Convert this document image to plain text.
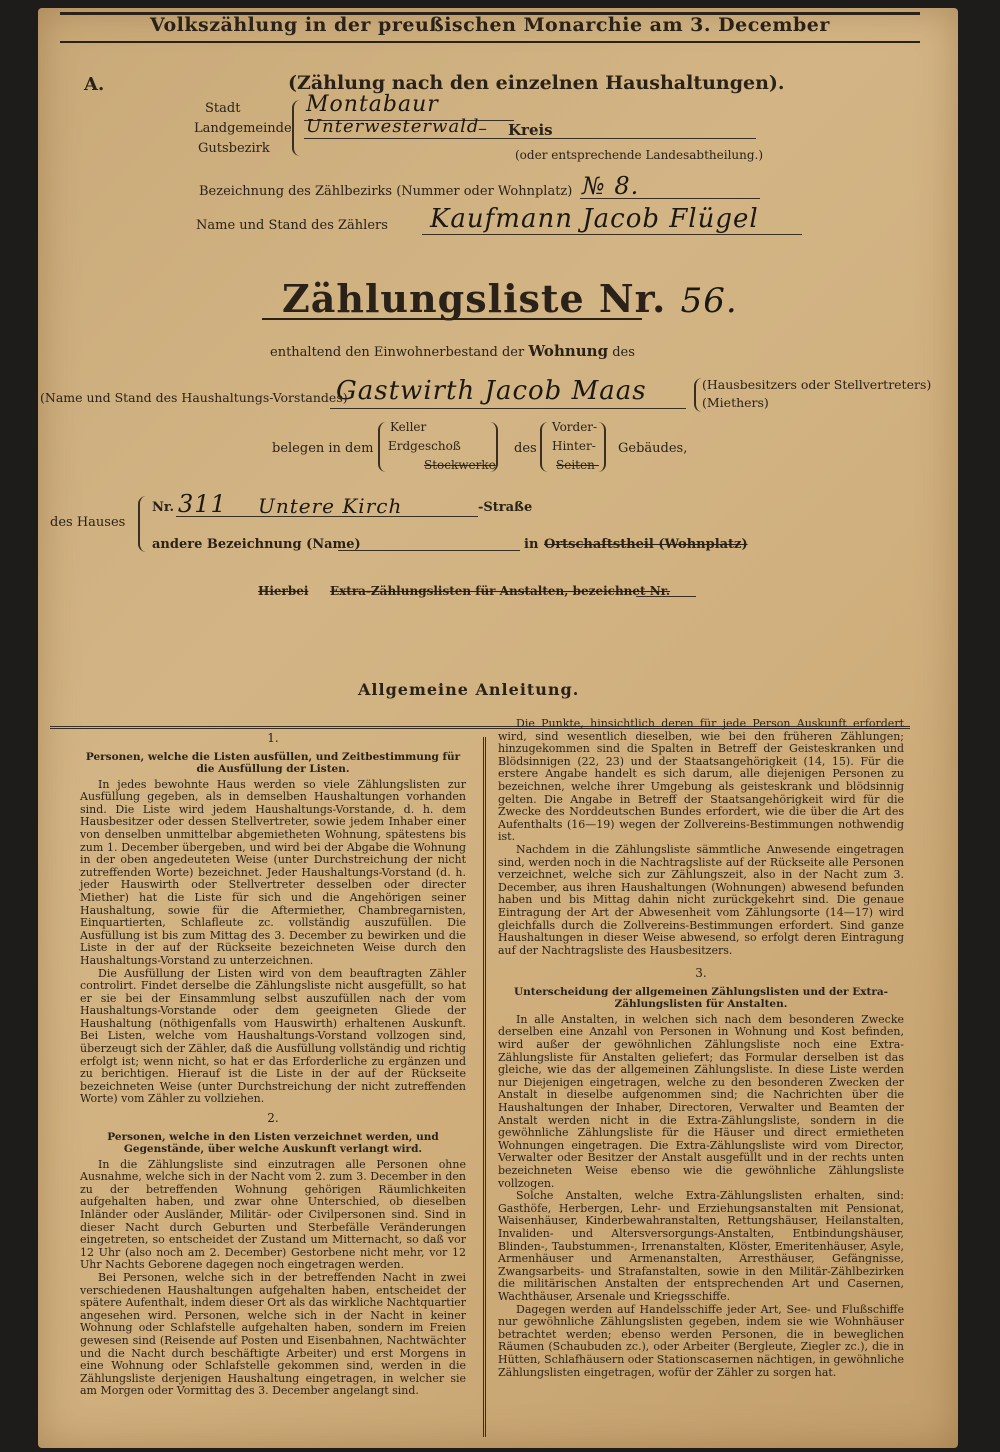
Volkszählung in der preußischen Monarchie am 3. December
A.	(Zählung nach den einzelnen Haushaltungen).
Stadt
Landgemeinde
Gutsbezirk
Montabaur
Unterwesterwald
– Kreis
(oder entsprechende Landesabtheilung.)
Bezeichnung des Zählbezirks (Nummer oder Wohnplatz) № 8.
Name und Stand des Zählers Kaufmann Jacob Flügel
Zählungsliste Nr. 56.
enthaltend den Einwohnerbestand der Wohnung des
(Name und Stand des Haushaltungs-Vorstandes)
Gastwirth Jacob Maas	(Hausbesitzers oder Stellvertreters)
(Miethers)
belegen in dem
Keller
Erdgeschoß
Stockwerke
des
Vorder-
Hinter-
Seiten-
Gebäudes,
des Hauses
Nr. 311 Untere Kirch	-Straße
andere Bezeichnung (Name)	in Ortschaftstheil (Wohnplatz)
Hierbei Extra-Zählungslisten für Anstalten, bezeichnet Nr.
Allgemeine Anleitung.
1.
Personen, welche die Listen ausfüllen, und Zeitbestimmung für die Ausfüllung der Listen.

In jedes bewohnte Haus werden so viele Zählungslisten zur Ausfüllung gegeben, als in demselben Haushaltungen vorhanden sind. Die Liste wird jedem Haushaltungs-Vorstande, d. h. dem Hausbesitzer oder dessen Stellvertreter, sowie jedem Inhaber einer von denselben unmittelbar abgemietheten Wohnung, spätestens bis zum 1. December übergeben, und wird bei der Abgabe die Wohnung in der oben angedeuteten Weise (unter Durchstreichung der nicht zutreffenden Worte) bezeichnet. Jeder Haushaltungs-Vorstand (d. h. jeder Hauswirth oder Stellvertreter desselben oder directer Miether) hat die Liste für sich und die Angehörigen seiner Haushaltung, sowie für die Aftermiether, Chambregarnisten, Einquartierten, Schlafleute zc. vollständig auszufüllen. Die Ausfüllung ist bis zum Mittag des 3. December zu bewirken und die Liste in der auf der Rückseite bezeichneten Weise durch den Haushaltungs-Vorstand zu unterzeichnen.

Die Ausfüllung der Listen wird von dem beauftragten Zähler controlirt. Findet derselbe die Zählungsliste nicht ausgefüllt, so hat er sie bei der Einsammlung selbst auszufüllen nach der vom Haushaltungs-Vorstande oder dem geeigneten Gliede der Haushaltung (nöthigenfalls vom Hauswirth) erhaltenen Auskunft. Bei Listen, welche vom Haushaltungs-Vorstand vollzogen sind, überzeugt sich der Zähler, daß die Ausfüllung vollständig und richtig erfolgt ist; wenn nicht, so hat er das Erforderliche zu ergänzen und zu berichtigen. Hierauf ist die Liste in der auf der Rückseite bezeichneten Weise (unter Durchstreichung der nicht zutreffenden Worte) vom Zähler zu vollziehen.

2.
Personen, welche in den Listen verzeichnet werden, und Gegenstände, über welche Auskunft verlangt wird.

In die Zählungsliste sind einzutragen alle Personen ohne Ausnahme, welche sich in der Nacht vom 2. zum 3. December in den zu der betreffenden Wohnung gehörigen Räumlichkeiten aufgehalten haben, und zwar ohne Unterschied, ob dieselben Inländer oder Ausländer, Militär- oder Civilpersonen sind. Sind in dieser Nacht durch Geburten und Sterbefälle Veränderungen eingetreten, so entscheidet der Zustand um Mitternacht, so daß vor 12 Uhr (also noch am 2. December) Gestorbene nicht mehr, vor 12 Uhr Nachts Geborene dagegen noch eingetragen werden.

Bei Personen, welche sich in der betreffenden Nacht in zwei verschiedenen Haushaltungen aufgehalten haben, entscheidet der spätere Aufenthalt, indem dieser Ort als das wirkliche Nachtquartier angesehen wird. Personen, welche sich in der Nacht in keiner Wohnung oder Schlafstelle aufgehalten haben, sondern im Freien gewesen sind (Reisende auf Posten und Eisenbahnen, Nachtwächter und die Nacht durch beschäftigte Arbeiter) und erst Morgens in eine Wohnung oder Schlafstelle gekommen sind, werden in die Zählungsliste derjenigen Haushaltung eingetragen, in welcher sie am Morgen oder Vormittag des 3. December angelangt sind.

Die Punkte, hinsichtlich deren für jede Person Auskunft erfordert wird, sind wesentlich dieselben, wie bei den früheren Zählungen; hinzugekommen sind die Spalten in Betreff der Geisteskranken und Blödsinnigen (22, 23) und der Staatsangehörigkeit (14, 15). Für die erstere Angabe handelt es sich darum, alle diejenigen Personen zu bezeichnen, welche ihrer Umgebung als geisteskrank und blödsinnig gelten. Die Angabe in Betreff der Staatsangehörigkeit wird für die Zwecke des Norddeutschen Bundes erfordert, wie die über die Art des Aufenthalts (16—19) wegen der Zollvereins-Bestimmungen nothwendig ist.

Nachdem in die Zählungsliste sämmtliche Anwesende eingetragen sind, werden noch in die Nachtragsliste auf der Rückseite alle Personen verzeichnet, welche sich zur Zählungszeit, also in der Nacht zum 3. December, aus ihren Haushaltungen (Wohnungen) abwesend befunden haben und bis Mittag dahin nicht zurückgekehrt sind. Die genaue Eintragung der Art der Abwesenheit vom Zählungsorte (14—17) wird gleichfalls durch die Zollvereins-Bestimmungen erfordert. Sind ganze Haushaltungen in dieser Weise abwesend, so erfolgt deren Eintragung auf der Nachtragsliste des Hausbesitzers.

3.
Unterscheidung der allgemeinen Zählungslisten und der Extra-Zählungslisten für Anstalten.

In alle Anstalten, in welchen sich nach dem besonderen Zwecke derselben eine Anzahl von Personen in Wohnung und Kost befinden, wird außer der gewöhnlichen Zählungsliste noch eine Extra-Zählungsliste für Anstalten geliefert; das Formular derselben ist das gleiche, wie das der allgemeinen Zählungsliste. In diese Liste werden nur Diejenigen eingetragen, welche zu den besonderen Zwecken der Anstalt in dieselbe aufgenommen sind; die Nachrichten über die Haushaltungen der Inhaber, Directoren, Verwalter und Beamten der Anstalt werden nicht in die Extra-Zählungsliste, sondern in die gewöhnliche Zählungsliste für die Häuser und direct ermietheten Wohnungen eingetragen. Die Extra-Zählungsliste wird vom Director, Verwalter oder Besitzer der Anstalt ausgefüllt und in der rechts unten bezeichneten Weise ebenso wie die gewöhnliche Zählungsliste vollzogen.

Solche Anstalten, welche Extra-Zählungslisten erhalten, sind: Gasthöfe, Herbergen, Lehr- und Erziehungsanstalten mit Pensionat, Waisenhäuser, Kinderbewahranstalten, Rettungshäuser, Heilanstalten, Invaliden- und Altersversorgungs-Anstalten, Entbindungshäuser, Blinden-, Taubstummen-, Irrenanstalten, Klöster, Emeritenhäuser, Asyle, Armenhäuser und Armenanstalten, Arresthäuser, Gefängnisse, Zwangsarbeits- und Strafanstalten, sowie in den Militär-Zählbezirken die militärischen Anstalten der entsprechenden Art und Casernen, Wachthäuser, Arsenale und Kriegsschiffe.

Dagegen werden auf Handelsschiffe jeder Art, See- und Flußschiffe nur gewöhnliche Zählungslisten gegeben, indem sie wie Wohnhäuser betrachtet werden; ebenso werden Personen, die in beweglichen Räumen (Schaubuden zc.), oder Arbeiter (Bergleute, Ziegler zc.), die in Hütten, Schlafhäusern oder Stationscasernen nächtigen, in gewöhnliche Zählungslisten eingetragen, wofür der Zähler zu sorgen hat.
